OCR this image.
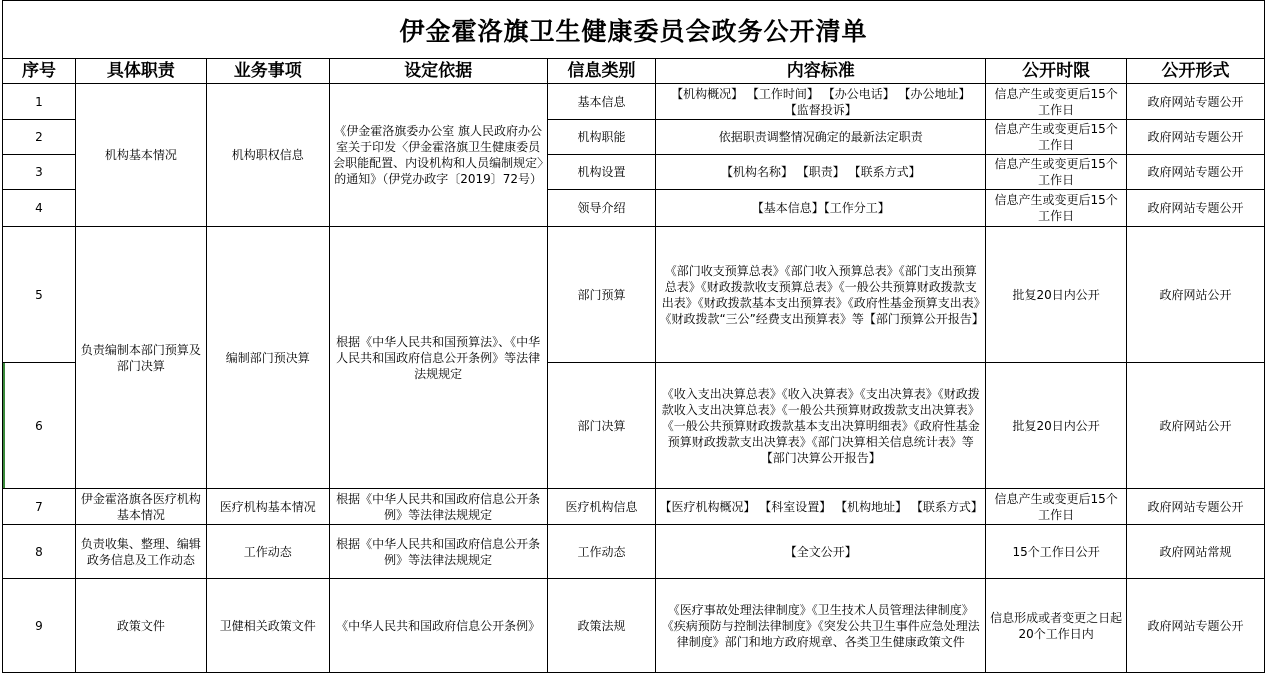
伊金霍洛旗卫生健康委员会政务公开清单
序号	具体职责	业务事项	设定依据	信息类别	内容标准	公开时限	公开形式
1	机构基本情况	机构职权信息	《伊金霍洛旗委办公室 旗人民政府办公室关于印发〈伊金霍洛旗卫生健康委员会职能配置、内设机构和人员编制规定〉的通知》（伊党办政字〔2019〕72号）	基本信息	【机构概况】 【工作时间】 【办公电话】 【办公地址】 【监督投诉】	信息产生或变更后15个工作日	政府网站专题公开
2				机构职能	依据职责调整情况确定的最新法定职责	信息产生或变更后15个工作日	政府网站专题公开
3				机构设置	【机构名称】 【职责】 【联系方式】	信息产生或变更后15个工作日	政府网站专题公开
4				领导介绍	【基本信息】【工作分工】	信息产生或变更后15个工作日	政府网站专题公开
5	负责编制本部门预算及部门决算	编制部门预决算	根据《中华人民共和国预算法》、《中华人民共和国政府信息公开条例》等法律法规规定	部门预算	《部门收支预算总表》《部门收入预算总表》《部门支出预算总表》《财政拨款收支预算总表》《一般公共预算财政拨款支出表》《财政拨款基本支出预算表》《政府性基金预算支出表》《财政拨款“三公”经费支出预算表》等【部门预算公开报告】	批复20日内公开	政府网站公开
6				部门决算	《收入支出决算总表》《收入决算表》《支出决算表》《财政拨款收入支出决算总表》《一般公共预算财政拨款支出决算表》《一般公共预算财政拨款基本支出决算明细表》《政府性基金预算财政拨款支出决算表》《部门决算相关信息统计表》等【部门决算公开报告】	批复20日内公开	政府网站公开
7	伊金霍洛旗各医疗机构基本情况	医疗机构基本情况	根据《中华人民共和国政府信息公开条例》等法律法规规定	医疗机构信息	【医疗机构概况】 【科室设置】 【机构地址】 【联系方式】	信息产生或变更后15个工作日	政府网站专题公开
8	负责收集、整理、编辑政务信息及工作动态	工作动态	根据《中华人民共和国政府信息公开条例》等法律法规规定	工作动态	【全文公开】	15个工作日公开	政府网站常规
9	政策文件	卫健相关政策文件	《中华人民共和国政府信息公开条例》	政策法规	《医疗事故处理法律制度》《卫生技术人员管理法律制度》《疾病预防与控制法律制度》《突发公共卫生事件应急处理法律制度》部门和地方政府规章、各类卫生健康政策文件	信息形成或者变更之日起20个工作日内	政府网站专题公开
